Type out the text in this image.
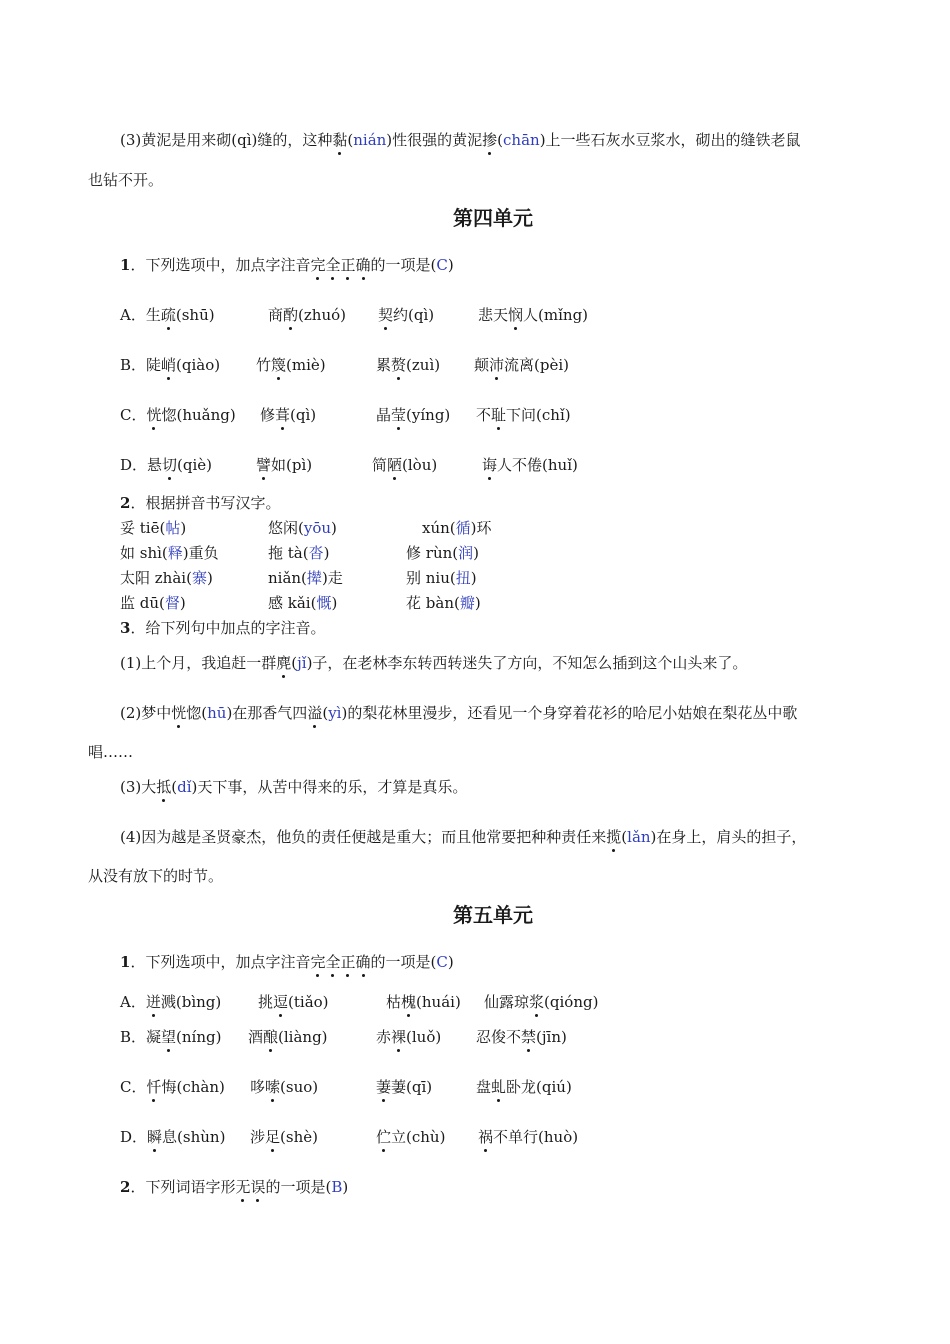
(3)黄泥是用来砌(qì)缝的，这种黏(nián)性很强的黄泥掺(chān)上一些石灰水豆浆水，砌出的缝铁老鼠
也钻不开。
第四单元
1．下列选项中，加点字注音完全正确的一项是(C)
A．生疏(shū)	商酌(zhuó) 契约(qì)	悲天悯人(mǐng)
B．陡峭(qiào) 竹篾(miè)	累赘(zuì) 颠沛流离(pèi)
C．恍惚(huǎng) 修葺(qì)	晶莹(yíng) 不耻下问(chǐ)
D．悬切(qiè)	譬如(pì)	简陋(lòu)	诲人不倦(huǐ)
2．根据拼音书写汉字。
妥 tiē(帖)	悠闲(yōu)	xún(循)环
如 shì(释)重负	拖 tà(沓)	修 rùn(润)
太阳 zhài(寨)	niǎn(撵)走	别 niu(扭)
监 dū(督)	感 kǎi(慨)	花 bàn(瓣)
3．给下列句中加点的字注音。
(1)上个月，我追赶一群麂(jǐ)子，在老林李东转西转迷失了方向，不知怎么插到这个山头来了。
(2)梦中恍惚(hū)在那香气四溢(yì)的梨花林里漫步，还看见一个身穿着花衫的哈尼小姑娘在梨花丛中歌
唱……
(3)大抵(dǐ)天下事，从苦中得来的乐，才算是真乐。
(4)因为越是圣贤豪杰，他负的责任便越是重大；而且他常要把种种责任来揽(lǎn)在身上，肩头的担子，
从没有放下的时节。
第五单元
1．下列选项中，加点字注音完全正确的一项是(C)
A．迸溅(bìng) 挑逗(tiǎo)	枯槐(huái) 仙露琼浆(qióng)
B．凝望(níng) 酒酿(liàng)	赤裸(luǒ) 忍俊不禁(jīn)
C．忏悔(chàn) 哆嗦(suo)	萋萋(qī)	盘虬卧龙(qiú)
D．瞬息(shùn) 涉足(shè)	伫立(chù) 祸不单行(huò)
2．下列词语字形无误的一项是(B)
